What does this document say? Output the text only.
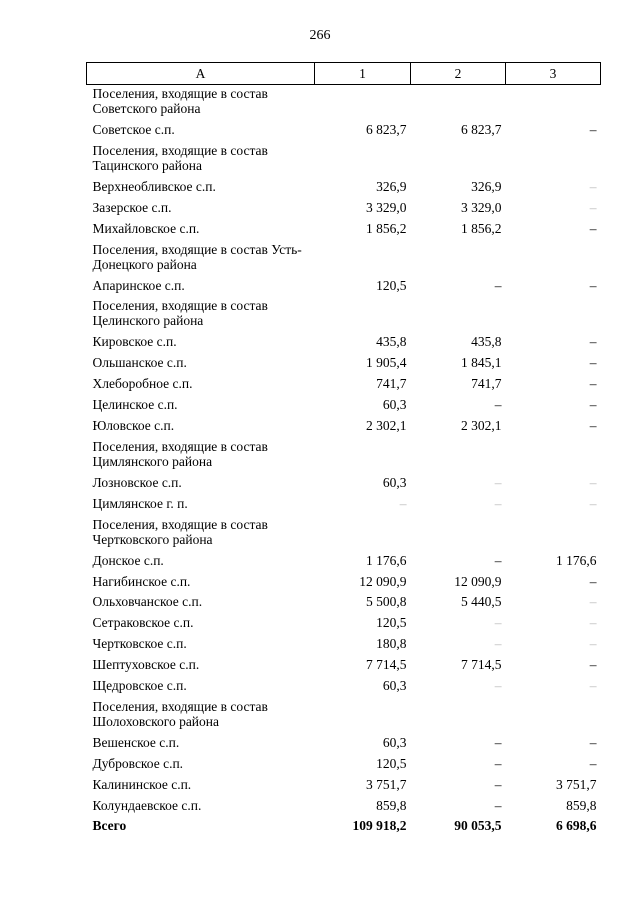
266
А	1	2	3
Поселения, входящие в состав Советского района			
Советское с.п.	6 823,7	6 823,7	–
Поселения, входящие в состав Тацинского района			
Верхнеобливское с.п.	326,9	326,9	–
Зазерское с.п.	3 329,0	3 329,0	–
Михайловское с.п.	1 856,2	1 856,2	–
Поселения, входящие в состав Усть-Донецкого района			
Апаринское с.п.	120,5	–	–
Поселения, входящие в состав Целинского района			
Кировское с.п.	435,8	435,8	–
Ольшанское с.п.	1 905,4	1 845,1	–
Хлеборобное с.п.	741,7	741,7	–
Целинское с.п.	60,3	–	–
Юловское с.п.	2 302,1	2 302,1	–
Поселения, входящие в состав Цимлянского района			
Лозновское с.п.	60,3	–	–
Цимлянское г. п.	–	–	–
Поселения, входящие в состав Чертковского района			
Донское с.п.	1 176,6	–	1 176,6
Нагибинское с.п.	12 090,9	12 090,9	–
Ольховчанское с.п.	5 500,8	5 440,5	–
Сетраковское с.п.	120,5	–	–
Чертковское с.п.	180,8	–	–
Шептуховское с.п.	7 714,5	7 714,5	–
Щедровское с.п.	60,3	–	–
Поселения, входящие в состав Шолоховского района			
Вешенское с.п.	60,3	–	–
Дубровское с.п.	120,5	–	–
Калининское с.п.	3 751,7	–	3 751,7
Колундаевское с.п.	859,8	–	859,8
Всего	109 918,2	90 053,5	6 698,6
